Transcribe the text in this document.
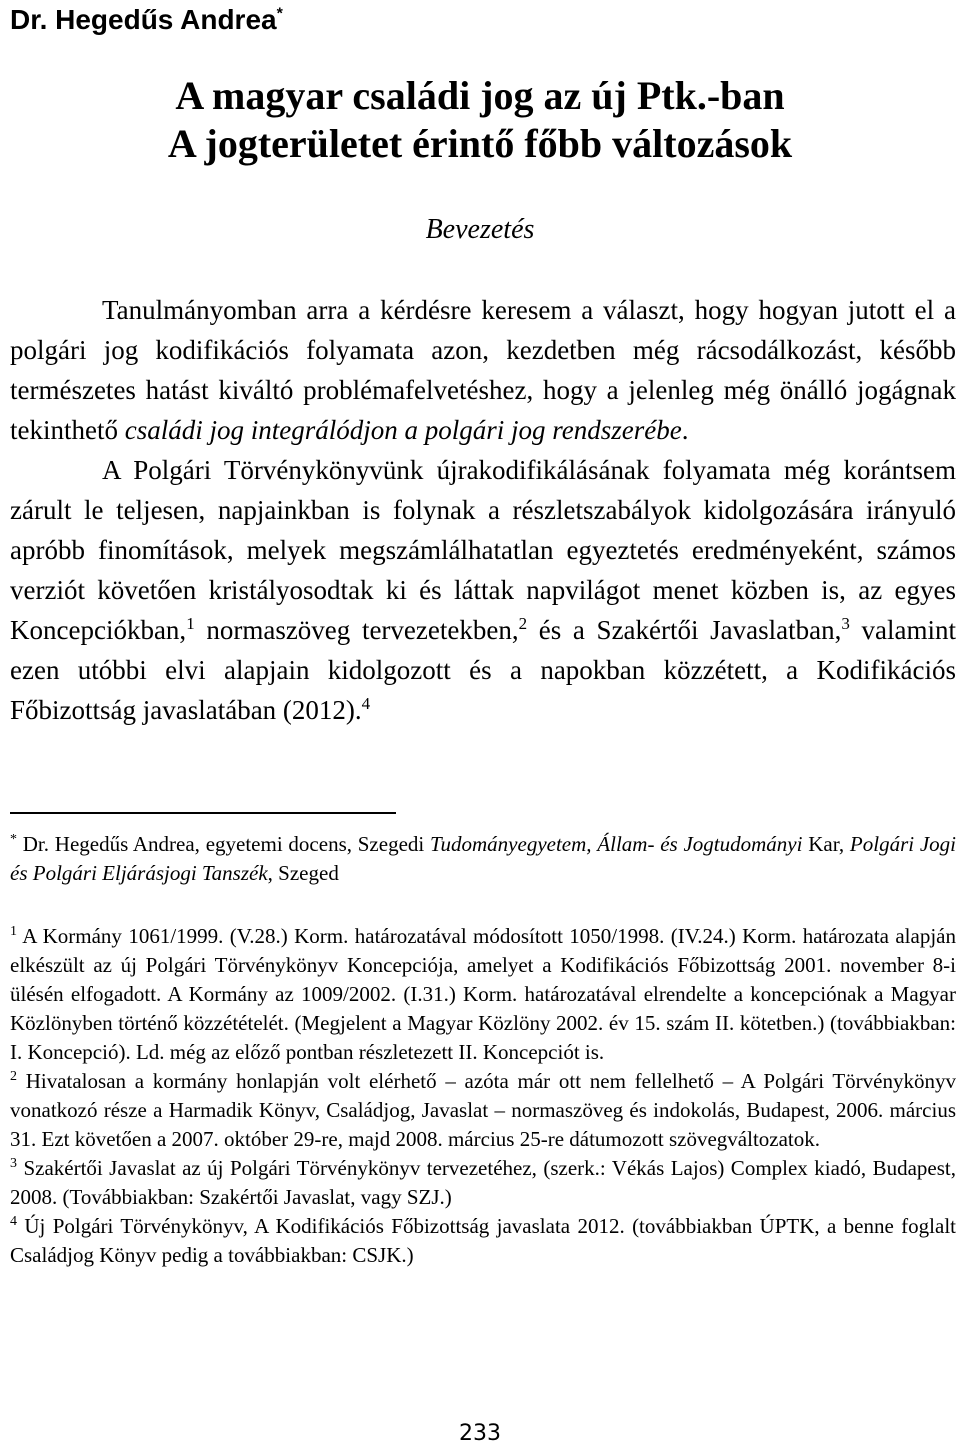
Dr. Hegedűs Andrea*
A magyar családi jog az új Ptk.-ban
A jogterületet érintő főbb változások
Bevezetés

Tanulmányomban arra a kérdésre keresem a választ, hogy hogyan jutott el a polgári jog kodifikációs folyamata azon, kezdetben még rácsodálkozást, később természetes hatást kiváltó problémafelvetéshez, hogy a jelenleg még önálló jogágnak tekinthető családi jog integrálódjon a polgári jog rendszerébe.

A Polgári Törvénykönyvünk újrakodifikálásának folyamata még korántsem zárult le teljesen, napjainkban is folynak a részletszabályok kidolgozására irányuló apróbb finomítások, melyek megszámlálhatatlan egyeztetés eredményeként, számos verziót követően kristályosodtak ki és láttak napvilágot menet közben is, az egyes Koncepciókban,$^1$ normaszöveg tervezetekben,$^2$ és a Szakértői Javaslatban,$^3$ valamint ezen utóbbi elvi alapjain kidolgozott és a napokban közzétett, a Kodifikációs Főbizottság javaslatában (2012).$^4$

* Dr. Hegedűs Andrea, egyetemi docens, Szegedi Tudományegyetem, Állam- és Jogtudományi Kar, Polgári Jogi és Polgári Eljárásjogi Tanszék, Szeged

$^1$ A Kormány 1061/1999. (V.28.) Korm. határozatával módosított 1050/1998. (IV.24.) Korm. határozata alapján elkészült az új Polgári Törvénykönyv Koncepciója, amelyet a Kodifikációs Főbizottság 2001. november 8-i ülésén elfogadott. A Kormány az 1009/2002. (I.31.) Korm. határozatával elrendelte a koncepciónak a Magyar Közlönyben történő közzétételét. (Megjelent a Magyar Közlöny 2002. év 15. szám II. kötetben.) (továbbiakban: I. Koncepció). Ld. még az előző pontban részletezett II. Koncepciót is.

$^2$ Hivatalosan a kormány honlapján volt elérhető – azóta már ott nem fellelhető – A Polgári Törvénykönyv vonatkozó része a Harmadik Könyv, Családjog, Javaslat – normaszöveg és indokolás, Budapest, 2006. március 31. Ezt követően a 2007. október 29-re, majd 2008. március 25-re dátumozott szövegváltozatok.

$^3$ Szakértői Javaslat az új Polgári Törvénykönyv tervezetéhez, (szerk.: Vékás Lajos) Complex kiadó, Budapest, 2008. (Továbbiakban: Szakértői Javaslat, vagy SZJ.)

$^4$ Új Polgári Törvénykönyv, A Kodifikációs Főbizottság javaslata 2012. (továbbiakban ÚPTK, a benne foglalt Családjog Könyv pedig a továbbiakban: CSJK.)

233
